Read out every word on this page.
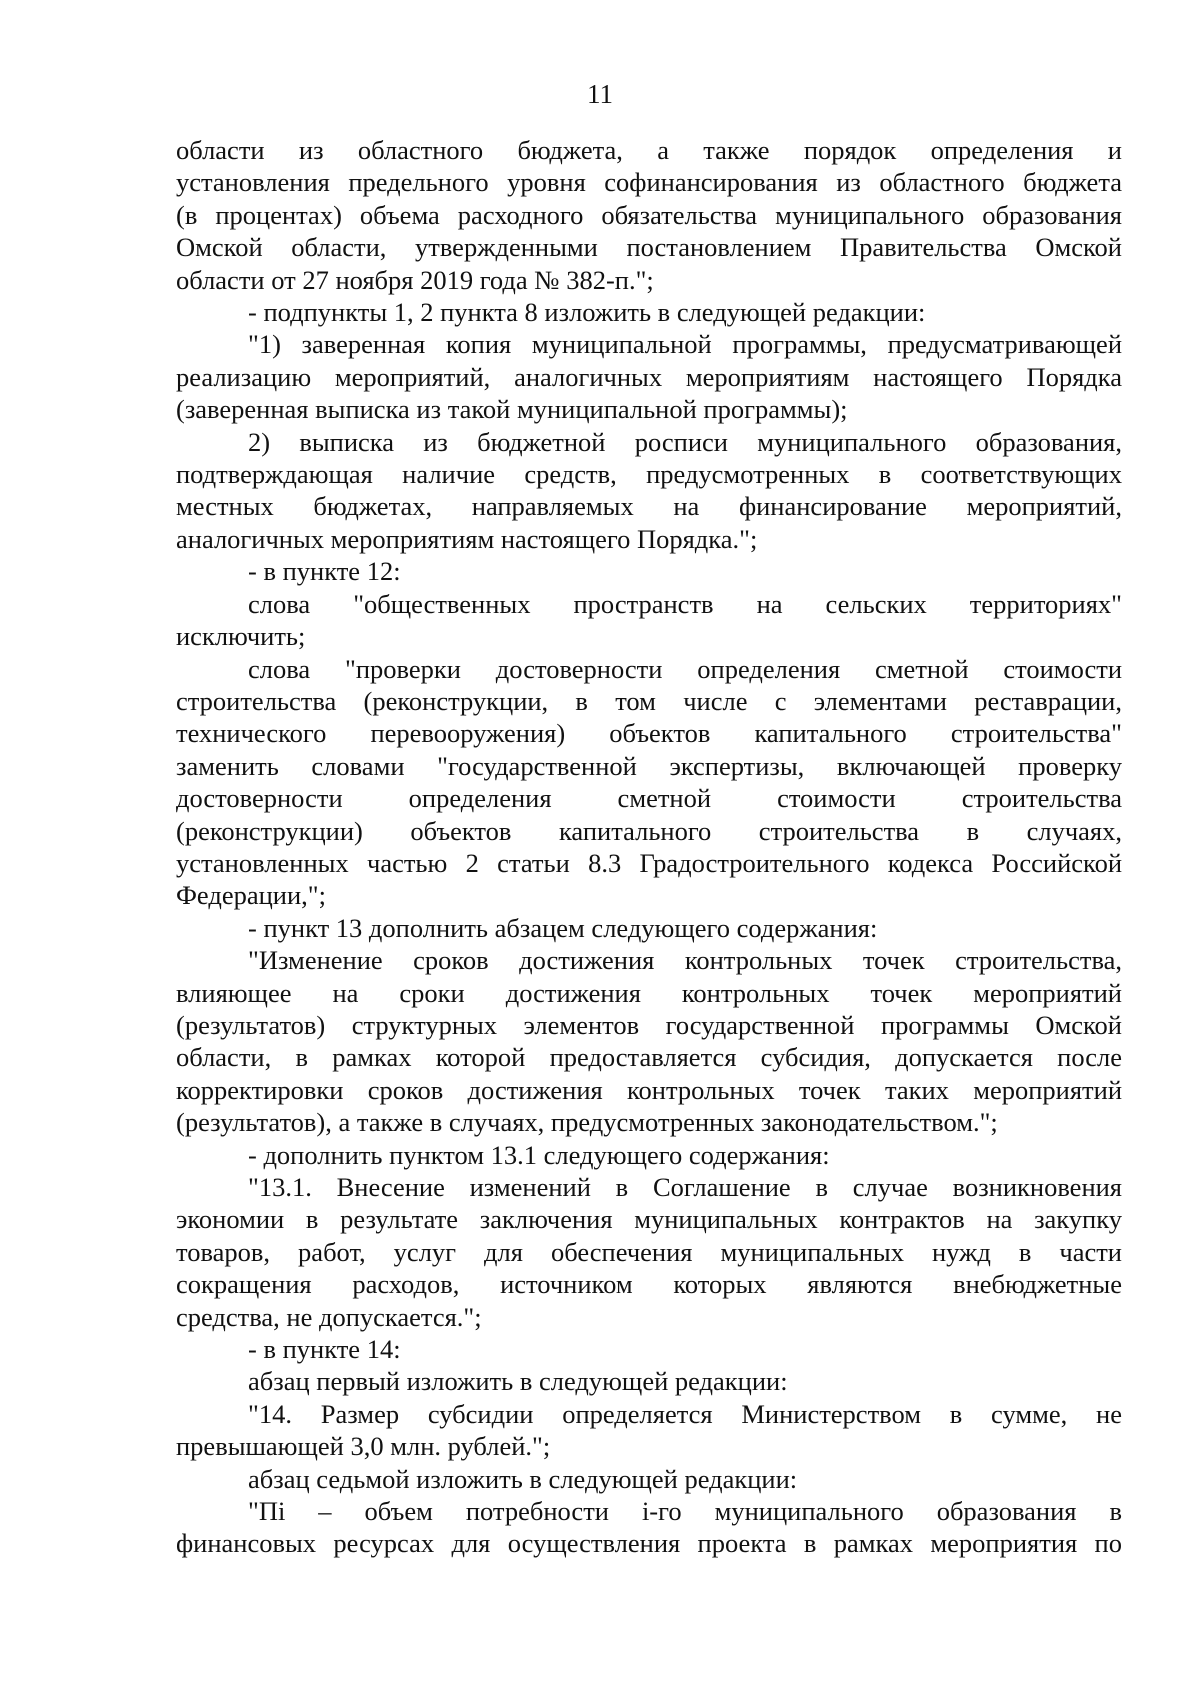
11
области из областного бюджета, а также порядок определения и
установления предельного уровня софинансирования из областного бюджета
(в процентах) объема расходного обязательства муниципального образования
Омской области, утвержденными постановлением Правительства Омской
области от 27 ноября 2019 года № 382-п.";
- подпункты 1, 2 пункта 8 изложить в следующей редакции:
"1) заверенная копия муниципальной программы, предусматривающей
реализацию мероприятий, аналогичных мероприятиям настоящего Порядка
(заверенная выписка из такой муниципальной программы);
2) выписка из бюджетной росписи муниципального образования,
подтверждающая наличие средств, предусмотренных в соответствующих
местных бюджетах, направляемых на финансирование мероприятий,
аналогичных мероприятиям настоящего Порядка.";
- в пункте 12:
слова "общественных пространств на сельских территориях"
исключить;
слова "проверки достоверности определения сметной стоимости
строительства (реконструкции, в том числе с элементами реставрации,
технического перевооружения) объектов капитального строительства"
заменить словами "государственной экспертизы, включающей проверку
достоверности определения сметной стоимости строительства
(реконструкции) объектов капитального строительства в случаях,
установленных частью 2 статьи 8.3 Градостроительного кодекса Российской
Федерации,";
- пункт 13 дополнить абзацем следующего содержания:
"Изменение сроков достижения контрольных точек строительства,
влияющее на сроки достижения контрольных точек мероприятий
(результатов) структурных элементов государственной программы Омской
области, в рамках которой предоставляется субсидия, допускается после
корректировки сроков достижения контрольных точек таких мероприятий
(результатов), а также в случаях, предусмотренных законодательством.";
- дополнить пунктом 13.1 следующего содержания:
"13.1. Внесение изменений в Соглашение в случае возникновения
экономии в результате заключения муниципальных контрактов на закупку
товаров, работ, услуг для обеспечения муниципальных нужд в части
сокращения расходов, источником которых являются внебюджетные
средства, не допускается.";
- в пункте 14:
абзац первый изложить в следующей редакции:
"14. Размер субсидии определяется Министерством в сумме, не
превышающей 3,0 млн. рублей.";
абзац седьмой изложить в следующей редакции:
"Пi – объем потребности i-го муниципального образования в
финансовых ресурсах для осуществления проекта в рамках мероприятия по
